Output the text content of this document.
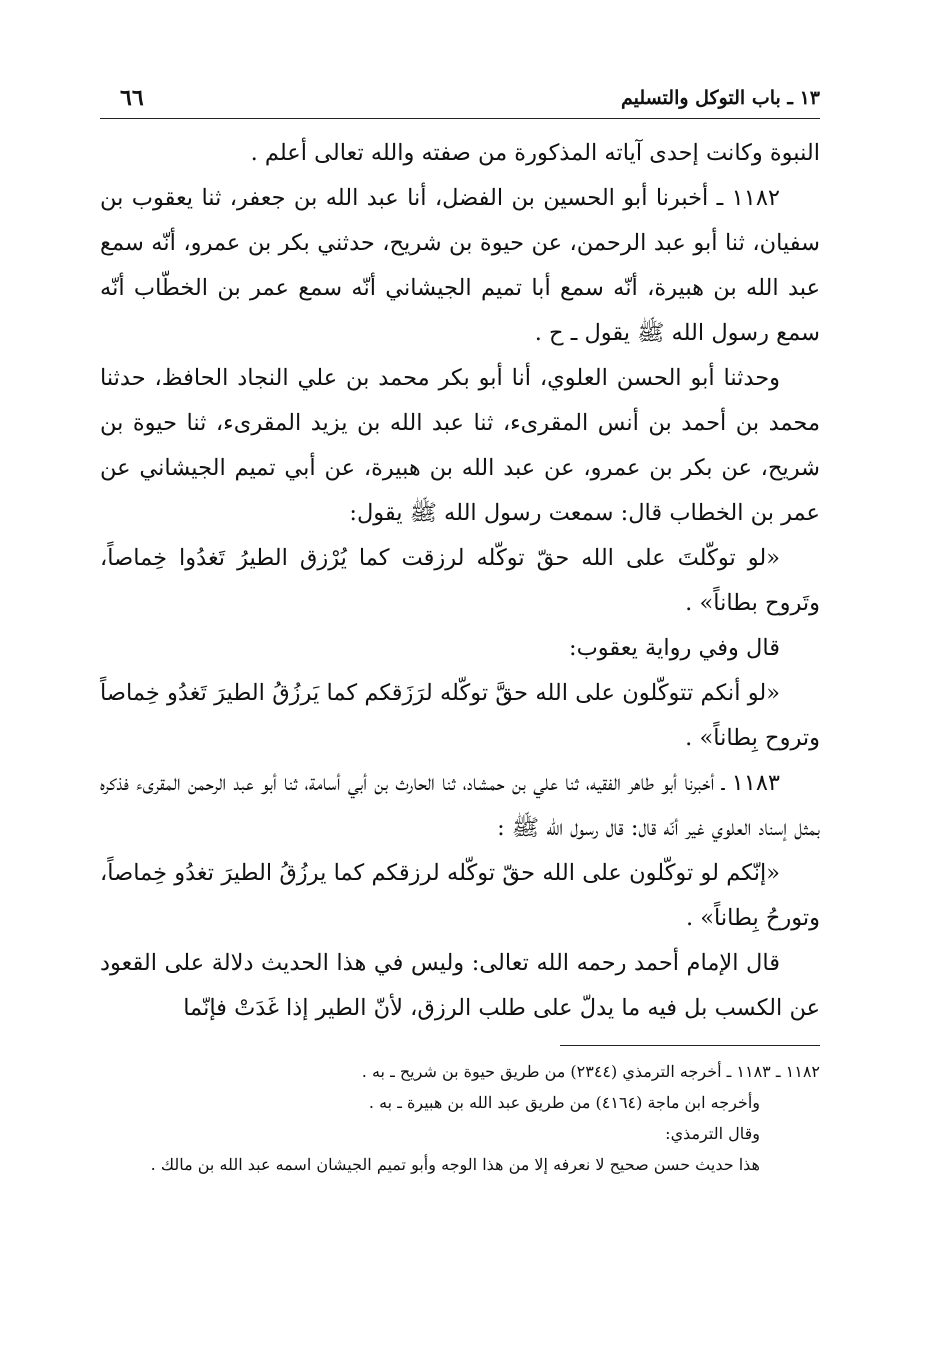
١٣ ـ باب التوكل والتسليم
٦٦

النبوة وكانت إحدى آياته المذكورة من صفته والله تعالى أعلم .

١١٨٢ ـ أخبرنا أبو الحسين بن الفضل، أنا عبد الله بن جعفر، ثنا يعقوب بن سفيان، ثنا أبو عبد الرحمن، عن حيوة بن شريح، حدثني بكر بن عمرو، أنّه سمع عبد الله بن هبيرة، أنّه سمع أبا تميم الجيشاني أنّه سمع عمر بن الخطّاب أنّه سمع رسول الله ﷺ يقول ـ ح .

وحدثنا أبو الحسن العلوي، أنا أبو بكر محمد بن علي النجاد الحافظ، حدثنا محمد بن أحمد بن أنس المقرىء، ثنا عبد الله بن يزيد المقرىء، ثنا حيوة بن شريح، عن بكر بن عمرو، عن عبد الله بن هبيرة، عن أبي تميم الجيشاني عن عمر بن الخطاب قال: سمعت رسول الله ﷺ يقول:

«لو توكّلتَ على الله حقّ توكّله لرزقت كما يُرْزق الطيرُ تَغدُوا خِماصاً، وتَروح بطاناً» .

قال وفي رواية يعقوب:

«لو أنكم تتوكّلون على الله حقَّ توكّله لرَزَقكم كما يَرزُقُ الطيرَ تَغدُو خِماصاً وتروح بِطاناً» .

١١٨٣ ـ أخبرنا أبو طاهر الفقيه، ثنا علي بن حمشاد، ثنا الحارث بن أبي أسامة، ثنا أبو عبد الرحمن المقرىء فذكره بمثل إسناد العلوي غير أنّه قال: قال رسول الله ﷺ :

«إنّكم لو توكّلون على الله حقّ توكّله لرزقكم كما يرزُقُ الطيرَ تغدُو خِماصاً، وتورحُ بِطاناً» .

قال الإمام أحمد رحمه الله تعالى: وليس في هذا الحديث دلالة على القعود عن الكسب بل فيه ما يدلّ على طلب الرزق، لأنّ الطير إذا غَدَتْ فإنّما

١١٨٢ ـ ١١٨٣ ـ أخرجه الترمذي (٢٣٤٤) من طريق حيوة بن شريح ـ به .

وأخرجه ابن ماجة (٤١٦٤) من طريق عبد الله بن هبيرة ـ به .

وقال الترمذي:

هذا حديث حسن صحيح لا نعرفه إلا من هذا الوجه وأبو تميم الجيشان اسمه عبد الله بن مالك .
